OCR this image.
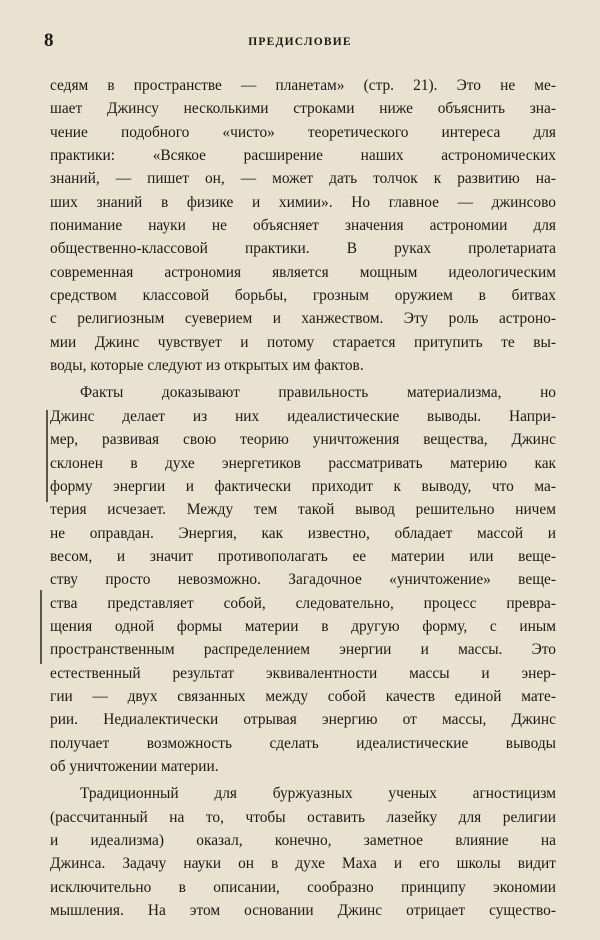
8	ПРЕДИСЛОВИЕ
седям в пространстве — планетам» (стр. 21). Это не ме-
шает Джинсу несколькими строками ниже объяснить зна-
чение подобного «чисто» теоретического интереса для
практики: «Всякое расширение наших астрономических
знаний, — пишет он, — может дать толчок к развитию на-
ших знаний в физике и химии». Но главное — джинсово
понимание науки не объясняет значения астрономии для
общественно-классовой практики. В руках пролетариата
современная астрономия является мощным идеологическим
средством классовой борьбы, грозным оружием в битвах
с религиозным суеверием и ханжеством. Эту роль астроно-
мии Джинс чувствует и потому старается притупить те вы-
воды, которые следуют из открытых им фактов.
Факты доказывают правильность материализма, но
Джинс делает из них идеалистические выводы. Напри-
мер, развивая свою теорию уничтожения вещества, Джинс
склонен в духе энергетиков рассматривать материю как
форму энергии и фактически приходит к выводу, что ма-
терия исчезает. Между тем такой вывод решительно ничем
не оправдан. Энергия, как известно, обладает массой и
весом, и значит противополагать ее материи или веще-
ству просто невозможно. Загадочное «уничтожение» веще-
ства представляет собой, следовательно, процесс превра-
щения одной формы материи в другую форму, с иным
пространственным распределением энергии и массы. Это
естественный результат эквивалентности массы и энер-
гии — двух связанных между собой качеств единой мате-
рии. Недиалектически отрывая энергию от массы, Джинс
получает возможность сделать идеалистические выводы
об уничтожении материи.
Традиционный для буржуазных ученых агностицизм
(рассчитанный на то, чтобы оставить лазейку для религии
и идеализма) оказал, конечно, заметное влияние на
Джинса. Задачу науки он в духе Маха и его школы видит
исключительно в описании, сообразно принципу экономии
мышления. На этом основании Джинс отрицает существо-
